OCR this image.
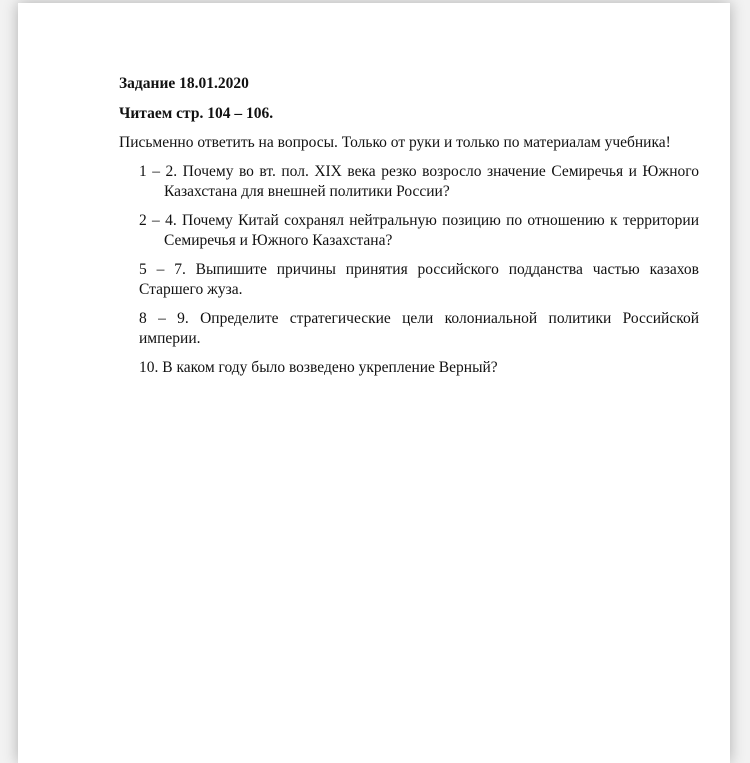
Задание 18.01.2020
Читаем стр. 104 – 106.
Письменно ответить на вопросы. Только от руки и только по материалам учебника!
1 – 2. Почему во вт. пол. XIX века резко возросло значение Семиречья и Южного Казахстана для внешней политики России?
2 – 4. Почему Китай сохранял нейтральную позицию по отношению к территории Семиречья и Южного Казахстана?
5 – 7. Выпишите причины принятия российского подданства частью казахов Старшего жуза.
8 – 9. Определите стратегические цели колониальной политики Российской империи.
10. В каком году было возведено укрепление Верный?
